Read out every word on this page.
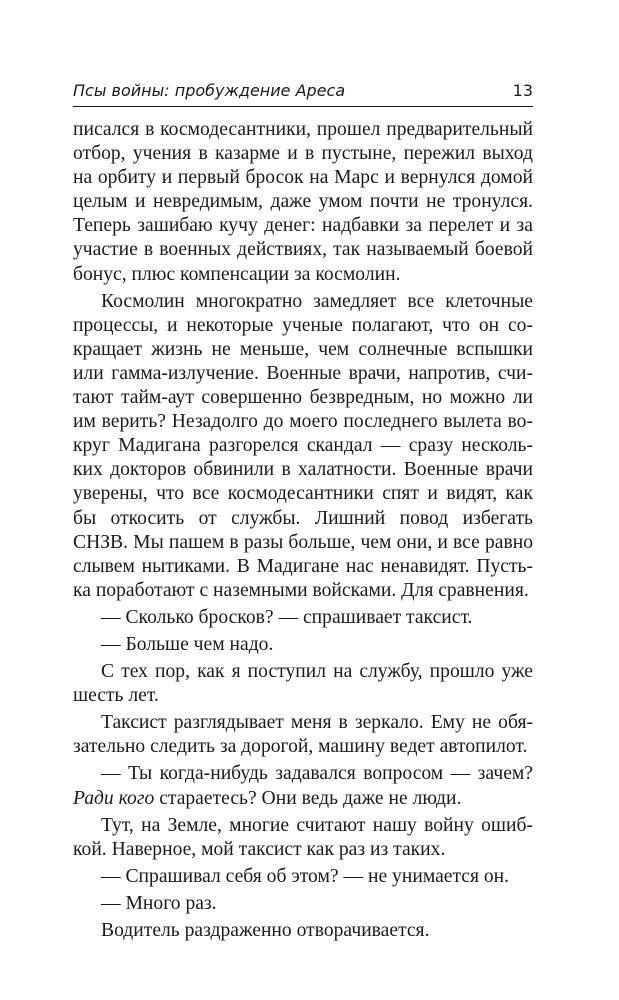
Псы войны: пробуждение Ареса	13

писался в космодесантники, прошел предварительный отбор, учения в казарме и в пустыне, пережил выход на орбиту и первый бросок на Марс и вернулся домой целым и невредимым, даже умом почти не тронулся. Теперь зашибаю кучу денег: надбавки за перелет и за участие в военных действиях, так называемый боевой бонус, плюс компенсации за космолин.

Космолин многократно замедляет все клеточные процессы, и некоторые ученые полагают, что он сокращает жизнь не меньше, чем солнечные вспышки или гамма-излучение. Военные врачи, напротив, считают тайм-аут совершенно безвредным, но можно ли им верить? Незадолго до моего последнего вылета вокруг Мадигана разгорелся скандал — сразу нескольких докторов обвинили в халатности. Военные врачи уверены, что все космодесантники спят и видят, как бы откосить от службы. Лишний повод избегать СНЗВ. Мы пашем в разы больше, чем они, и все равно слывем нытиками. В Мадигане нас ненавидят. Пусть-ка поработают с наземными войсками. Для сравнения.

— Сколько бросков? — спрашивает таксист.

— Больше чем надо.

С тех пор, как я поступил на службу, прошло уже шесть лет.

Таксист разглядывает меня в зеркало. Ему не обязательно следить за дорогой, машину ведет автопилот.

— Ты когда-нибудь задавался вопросом — зачем? Ради кого стараетесь? Они ведь даже не люди.

Тут, на Земле, многие считают нашу войну ошибкой. Наверное, мой таксист как раз из таких.

— Спрашивал себя об этом? — не унимается он.

— Много раз.

Водитель раздраженно отворачивается.
